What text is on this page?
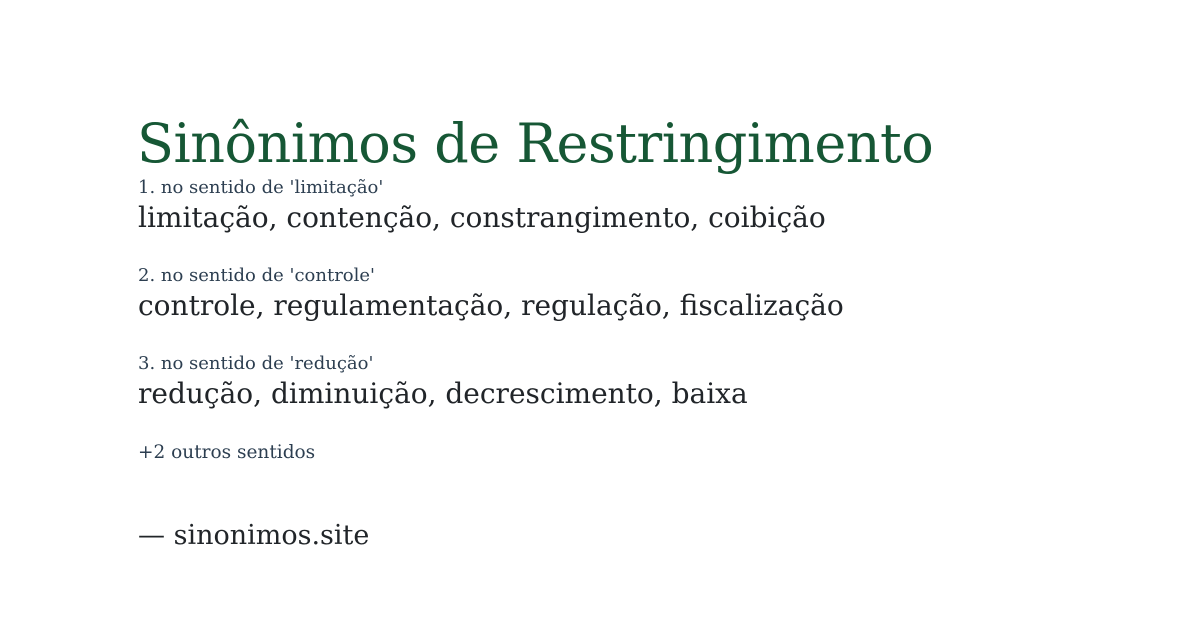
Sinônimos de Restringimento
1. no sentido de 'limitação'
limitação, contenção, constrangimento, coibição
2. no sentido de 'controle'
controle, regulamentação, regulação, fiscalização
3. no sentido de 'redução'
redução, diminuição, decrescimento, baixa
+2 outros sentidos
— sinonimos.site
